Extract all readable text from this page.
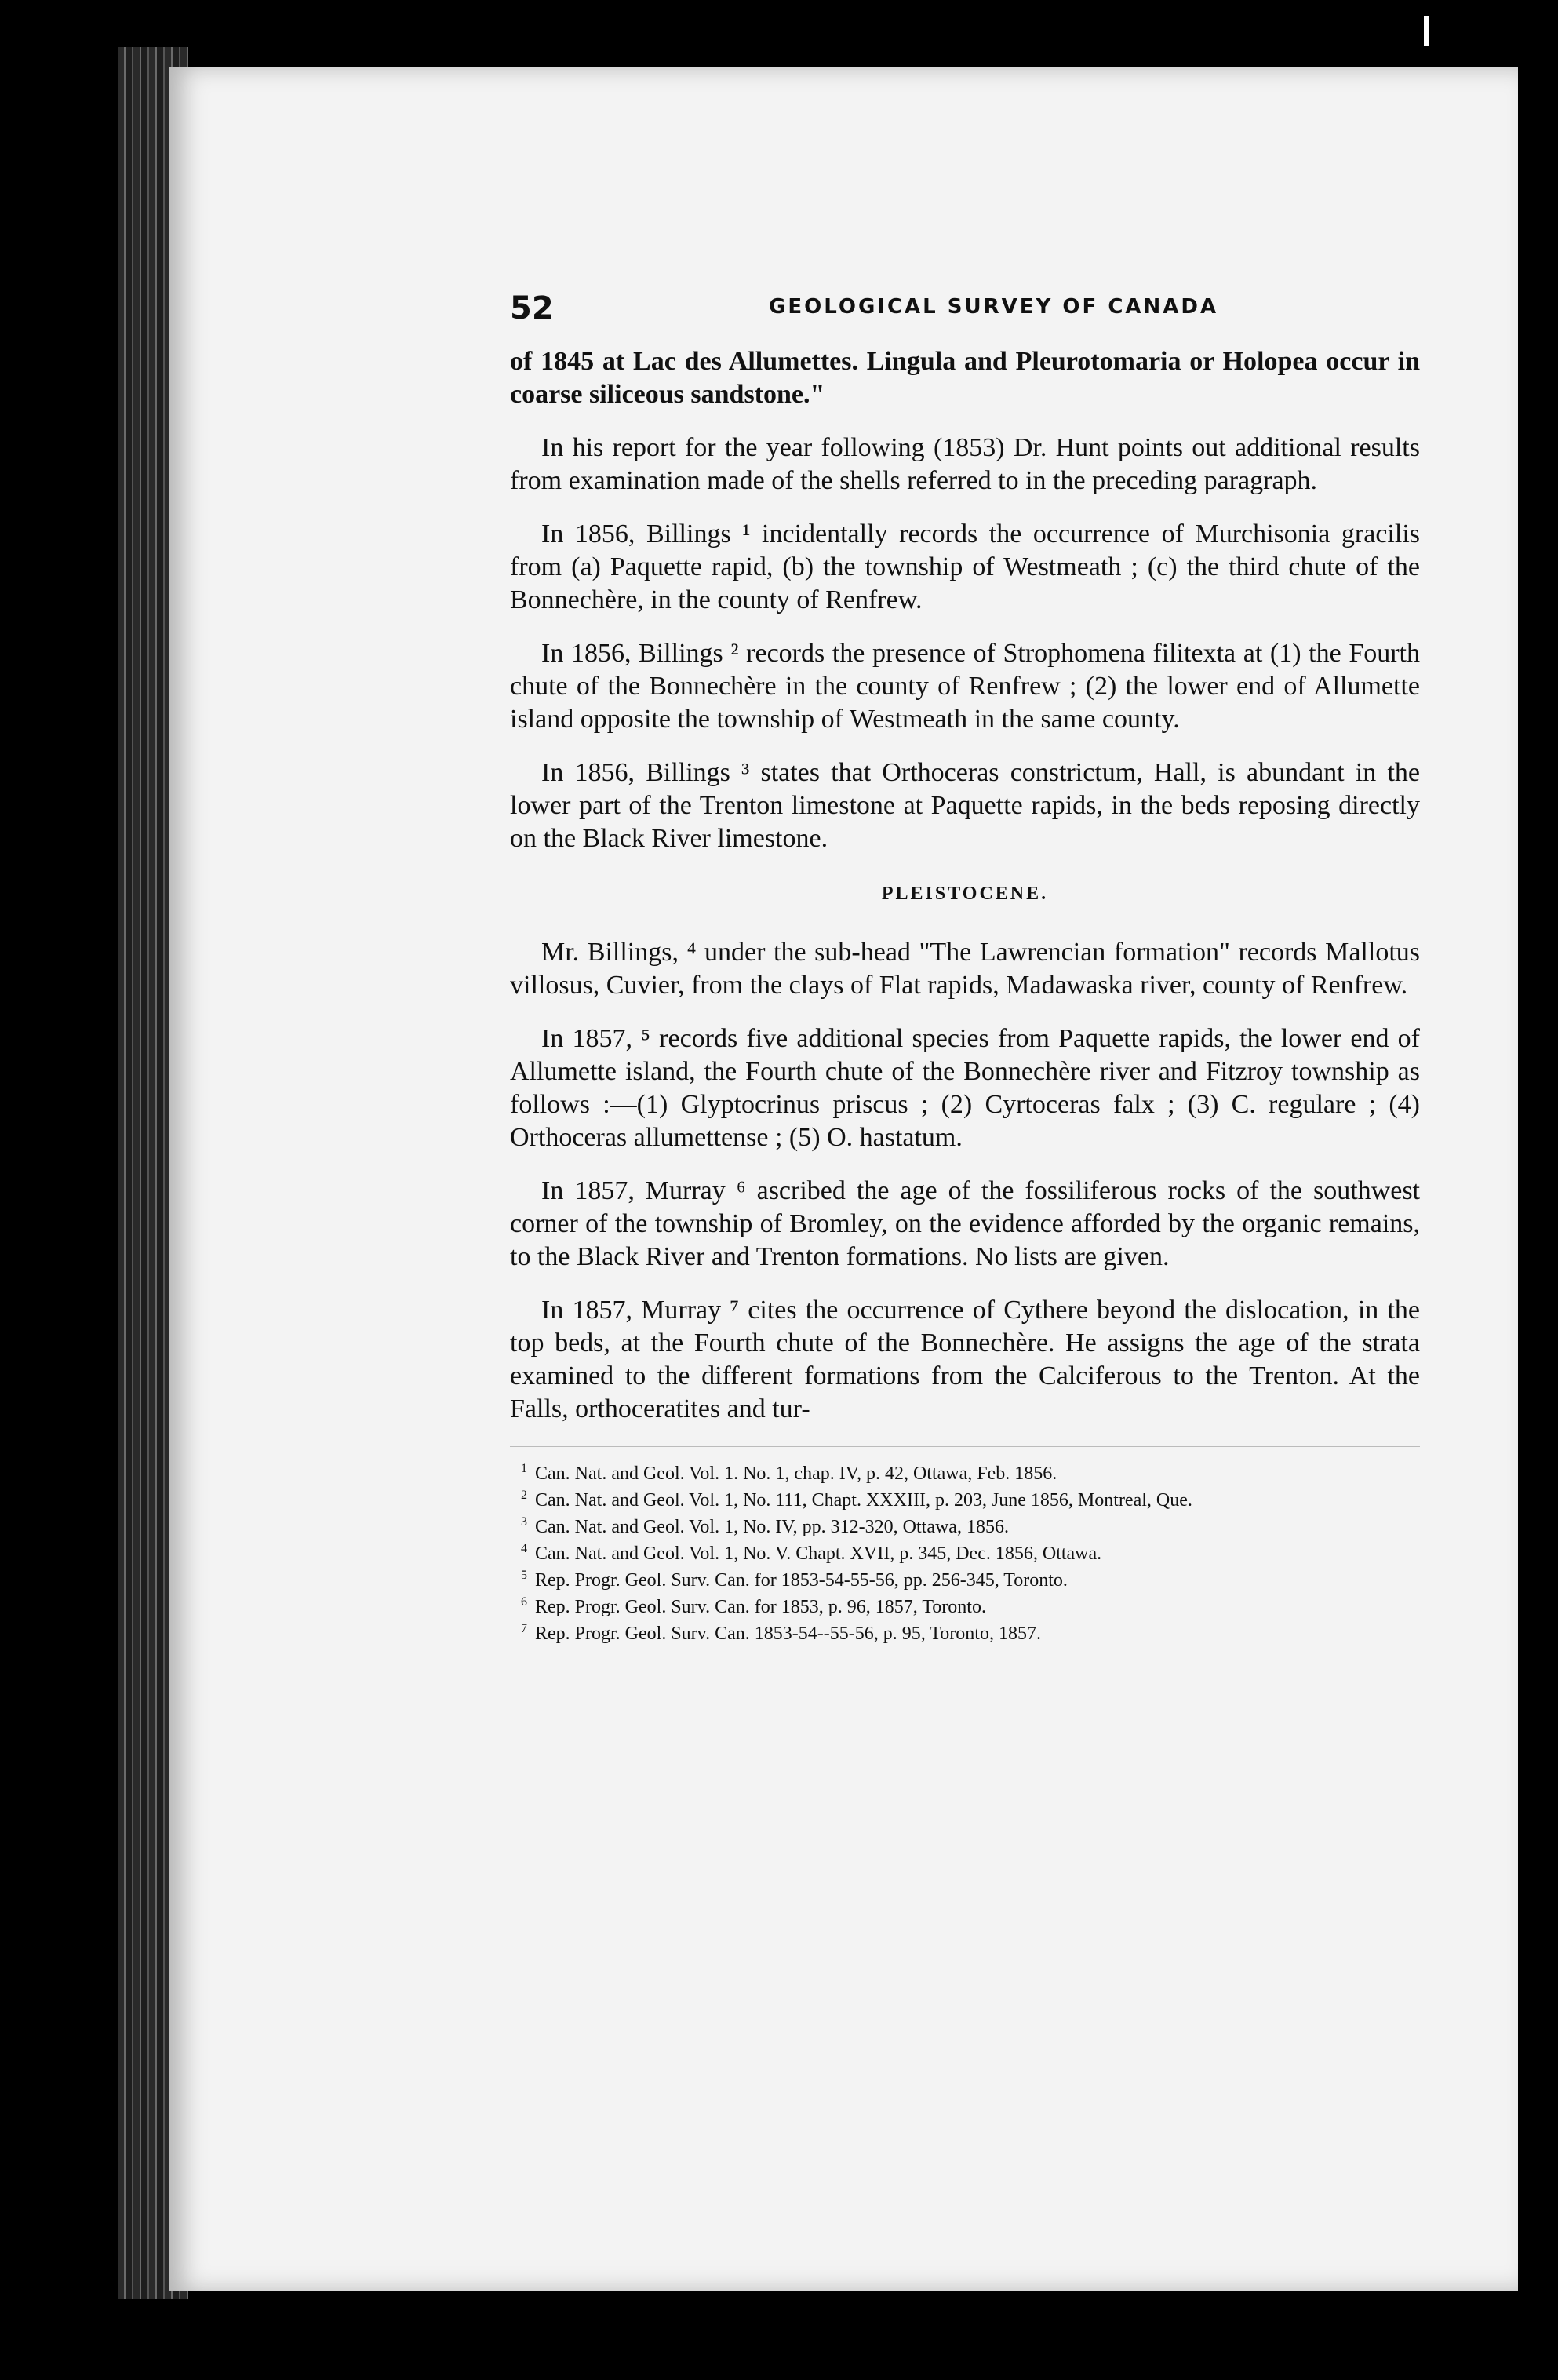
52	GEOLOGICAL SURVEY OF CANADA

of 1845 at Lac des Allumettes. Lingula and Pleurotomaria or Holopea occur in coarse siliceous sandstone."

In his report for the year following (1853) Dr. Hunt points out additional results from examination made of the shells referred to in the preceding paragraph.

In 1856, Billings ¹ incidentally records the occurrence of Murchisonia gracilis from (a) Paquette rapid, (b) the township of Westmeath ; (c) the third chute of the Bonnechère, in the county of Renfrew.

In 1856, Billings ² records the presence of Strophomena filitexta at (1) the Fourth chute of the Bonnechère in the county of Renfrew ; (2) the lower end of Allumette island opposite the township of Westmeath in the same county.

In 1856, Billings ³ states that Orthoceras constrictum, Hall, is abundant in the lower part of the Trenton limestone at Paquette rapids, in the beds reposing directly on the Black River limestone.

PLEISTOCENE.

Mr. Billings, ⁴ under the sub-head "The Lawrencian formation" records Mallotus villosus, Cuvier, from the clays of Flat rapids, Madawaska river, county of Renfrew.

In 1857, ⁵ records five additional species from Paquette rapids, the lower end of Allumette island, the Fourth chute of the Bonnechère river and Fitzroy township as follows :—(1) Glyptocrinus priscus ; (2) Cyrtoceras falx ; (3) C. regulare ; (4) Orthoceras allumettense ; (5) O. hastatum.

In 1857, Murray ⁶ ascribed the age of the fossiliferous rocks of the southwest corner of the township of Bromley, on the evidence afforded by the organic remains, to the Black River and Trenton formations. No lists are given.

In 1857, Murray ⁷ cites the occurrence of Cythere beyond the dislocation, in the top beds, at the Fourth chute of the Bonnechère. He assigns the age of the strata examined to the different formations from the Calciferous to the Trenton. At the Falls, orthoceratites and tur-

$^1$ Can. Nat. and Geol. Vol. 1. No. 1, chap. IV, p. 42, Ottawa, Feb. 1856.

$^2$ Can. Nat. and Geol. Vol. 1, No. 111, Chapt. XXXIII, p. 203, June 1856, Montreal, Que.

$^3$ Can. Nat. and Geol. Vol. 1, No. IV, pp. 312-320, Ottawa, 1856.

$^4$ Can. Nat. and Geol. Vol. 1, No. V. Chapt. XVII, p. 345, Dec. 1856, Ottawa.

$^5$ Rep. Progr. Geol. Surv. Can. for 1853-54-55-56, pp. 256-345, Toronto.

$^6$ Rep. Progr. Geol. Surv. Can. for 1853, p. 96, 1857, Toronto.

$^7$ Rep. Progr. Geol. Surv. Can. 1853-54--55-56, p. 95, Toronto, 1857.
